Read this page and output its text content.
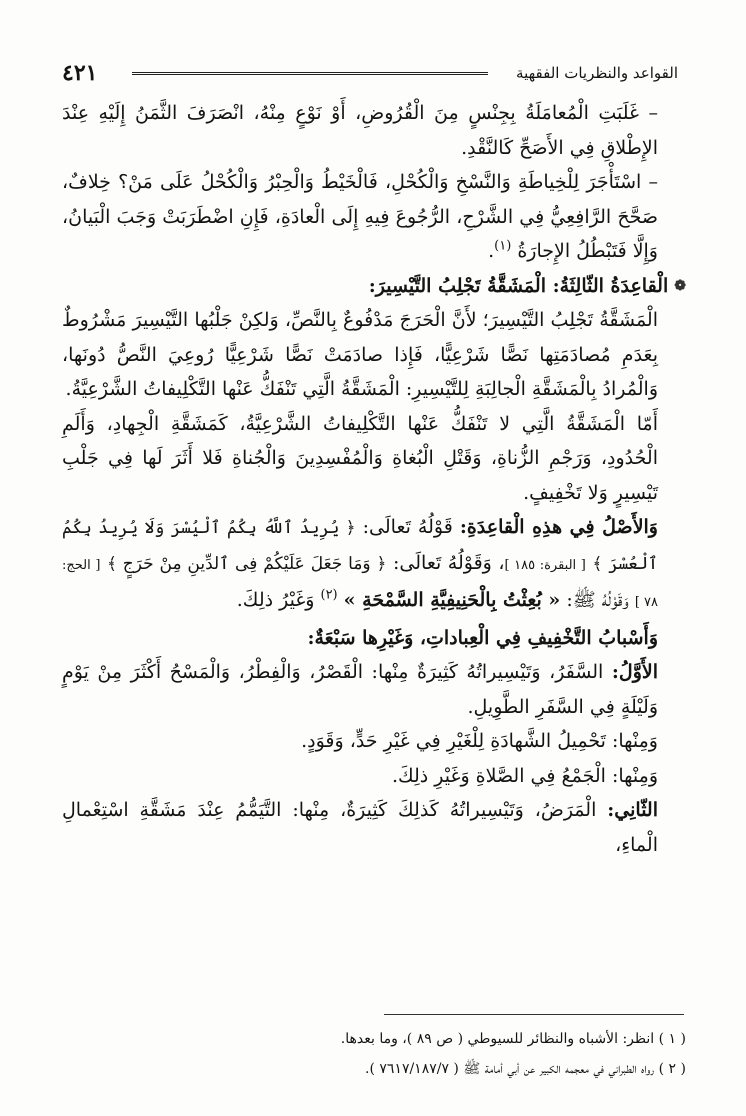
٤٢١	القواعد والنظريات الفقهية

– غَلَبَتِ الْمُعامَلَةُ بِجِنْسٍ مِنَ الْقُرُوضِ، أَوْ نَوْعٍ مِنْهُ، انْصَرَفَ الثَّمَنُ إِلَيْهِ عِنْدَ الإِطْلاقِ فِي الأَصَحِّ كَالنَّقْدِ.

– اسْتَأْجَرَ لِلْخِياطَةِ وَالنَّسْخِ وَالْكُحْلِ، فَالْخَيْطُ وَالْحِبْرُ وَالْكُحْلُ عَلَى مَنْ؟ خِلافٌ، صَحَّحَ الرَّافِعِيُّ فِي الشَّرْحِ، الرُّجُوعَ فِيهِ إِلَى الْعادَةِ، فَإِنِ اضْطَرَبَتْ وَجَبَ الْبَيانُ، وَإِلَّا فَتَبْطُلُ الإِجارَةُ $^{(١)}$.

❁
الْقاعِدَةُ الثّالِثَةُ: الْمَشَقَّةُ تَجْلِبُ التَّيْسِيرَ:

الْمَشَقَّةُ تَجْلِبُ التَّيْسِيرَ؛ لأَنَّ الْحَرَجَ مَدْفُوعٌ بِالنَّصِّ، وَلكِنْ جَلْبُها التَّيْسِيرَ مَشْرُوطٌ بِعَدَمِ مُصادَمَتِها نَصًّا شَرْعِيًّا، فَإِذا صادَمَتْ نَصًّا شَرْعِيًّا رُوعِيَ النَّصُّ دُونَها، وَالْمُرادُ بِالْمَشَقَّةِ الْجالِبَةِ لِلتَّيْسِيرِ: الْمَشَقَّةُ الَّتِي تَنْفَكُّ عَنْها التَّكْلِيفاتُ الشَّرْعِيَّةُ.

أَمّا الْمَشَقَّةُ الَّتِي لا تَنْفَكُّ عَنْها التَّكْلِيفاتُ الشَّرْعِيَّةُ، كَمَشَقَّةِ الْجِهادِ، وَأَلَمِ الْحُدُودِ، وَرَجْمِ الزُّناةِ، وَقَتْلِ الْبُغاةِ وَالْمُفْسِدِينَ وَالْجُناةِ فَلا أَثَرَ لَها فِي جَلْبِ تَيْسِيرٍ وَلا تَخْفِيفٍ.

وَالأَصْلُ فِي هذِهِ الْقاعِدَةِ: قَوْلُهُ تَعالَى: ﴿ يُرِيدُ ٱللَّهُ بِكُمُ ٱلْيُسْرَ وَلَا يُرِيدُ بِكُمُ ٱلْعُسْرَ ﴾ [ البقرة: ١٨٥ ]، وَقَوْلُهُ تَعالَى: ﴿ وَمَا جَعَلَ عَلَيْكُمْ فِى ٱلدِّينِ مِنْ حَرَجٍ ﴾ [ الحج: ٧٨ ] وَقَوْلُهُ ﷺ: « بُعِثْتُ بِالْحَنِيفِيَّةِ السَّمْحَةِ » $^{(٢)}$ وَغَيْرُ ذلِكَ.

وَأَسْبابُ التَّخْفِيفِ فِي الْعِباداتِ، وَغَيْرِها سَبْعَةٌ:

الأَوَّلُ: السَّفَرُ، وَتَيْسِيراتُهُ كَثِيرَةٌ مِنْها: الْقَصْرُ، وَالْفِطْرُ، وَالْمَسْحُ أَكْثَرَ مِنْ يَوْمٍ وَلَيْلَةٍ فِي السَّفَرِ الطَّوِيلِ.

وَمِنْها: تَحْمِيلُ الشَّهادَةِ لِلْغَيْرِ فِي غَيْرِ حَدٍّ، وَقَوَدٍ.

وَمِنْها: الْجَمْعُ فِي الصَّلاةِ وَغَيْرِ ذلِكَ.

الثّانِي: الْمَرَضُ، وَتَيْسِيراتُهُ كَذلِكَ كَثِيرَةٌ، مِنْها: التَّيَمُّمُ عِنْدَ مَشَقَّةِ اسْتِعْمالِ الْماءِ،

( ١ ) انظر: الأشباه والنظائر للسيوطي ( ص ٨٩ )، وما بعدها.

( ٢ ) رواه الطبراني في معجمه الكبير عن أبي أمامة ﷺ ( ٧٦١٧/١٨٧/٧ ).
